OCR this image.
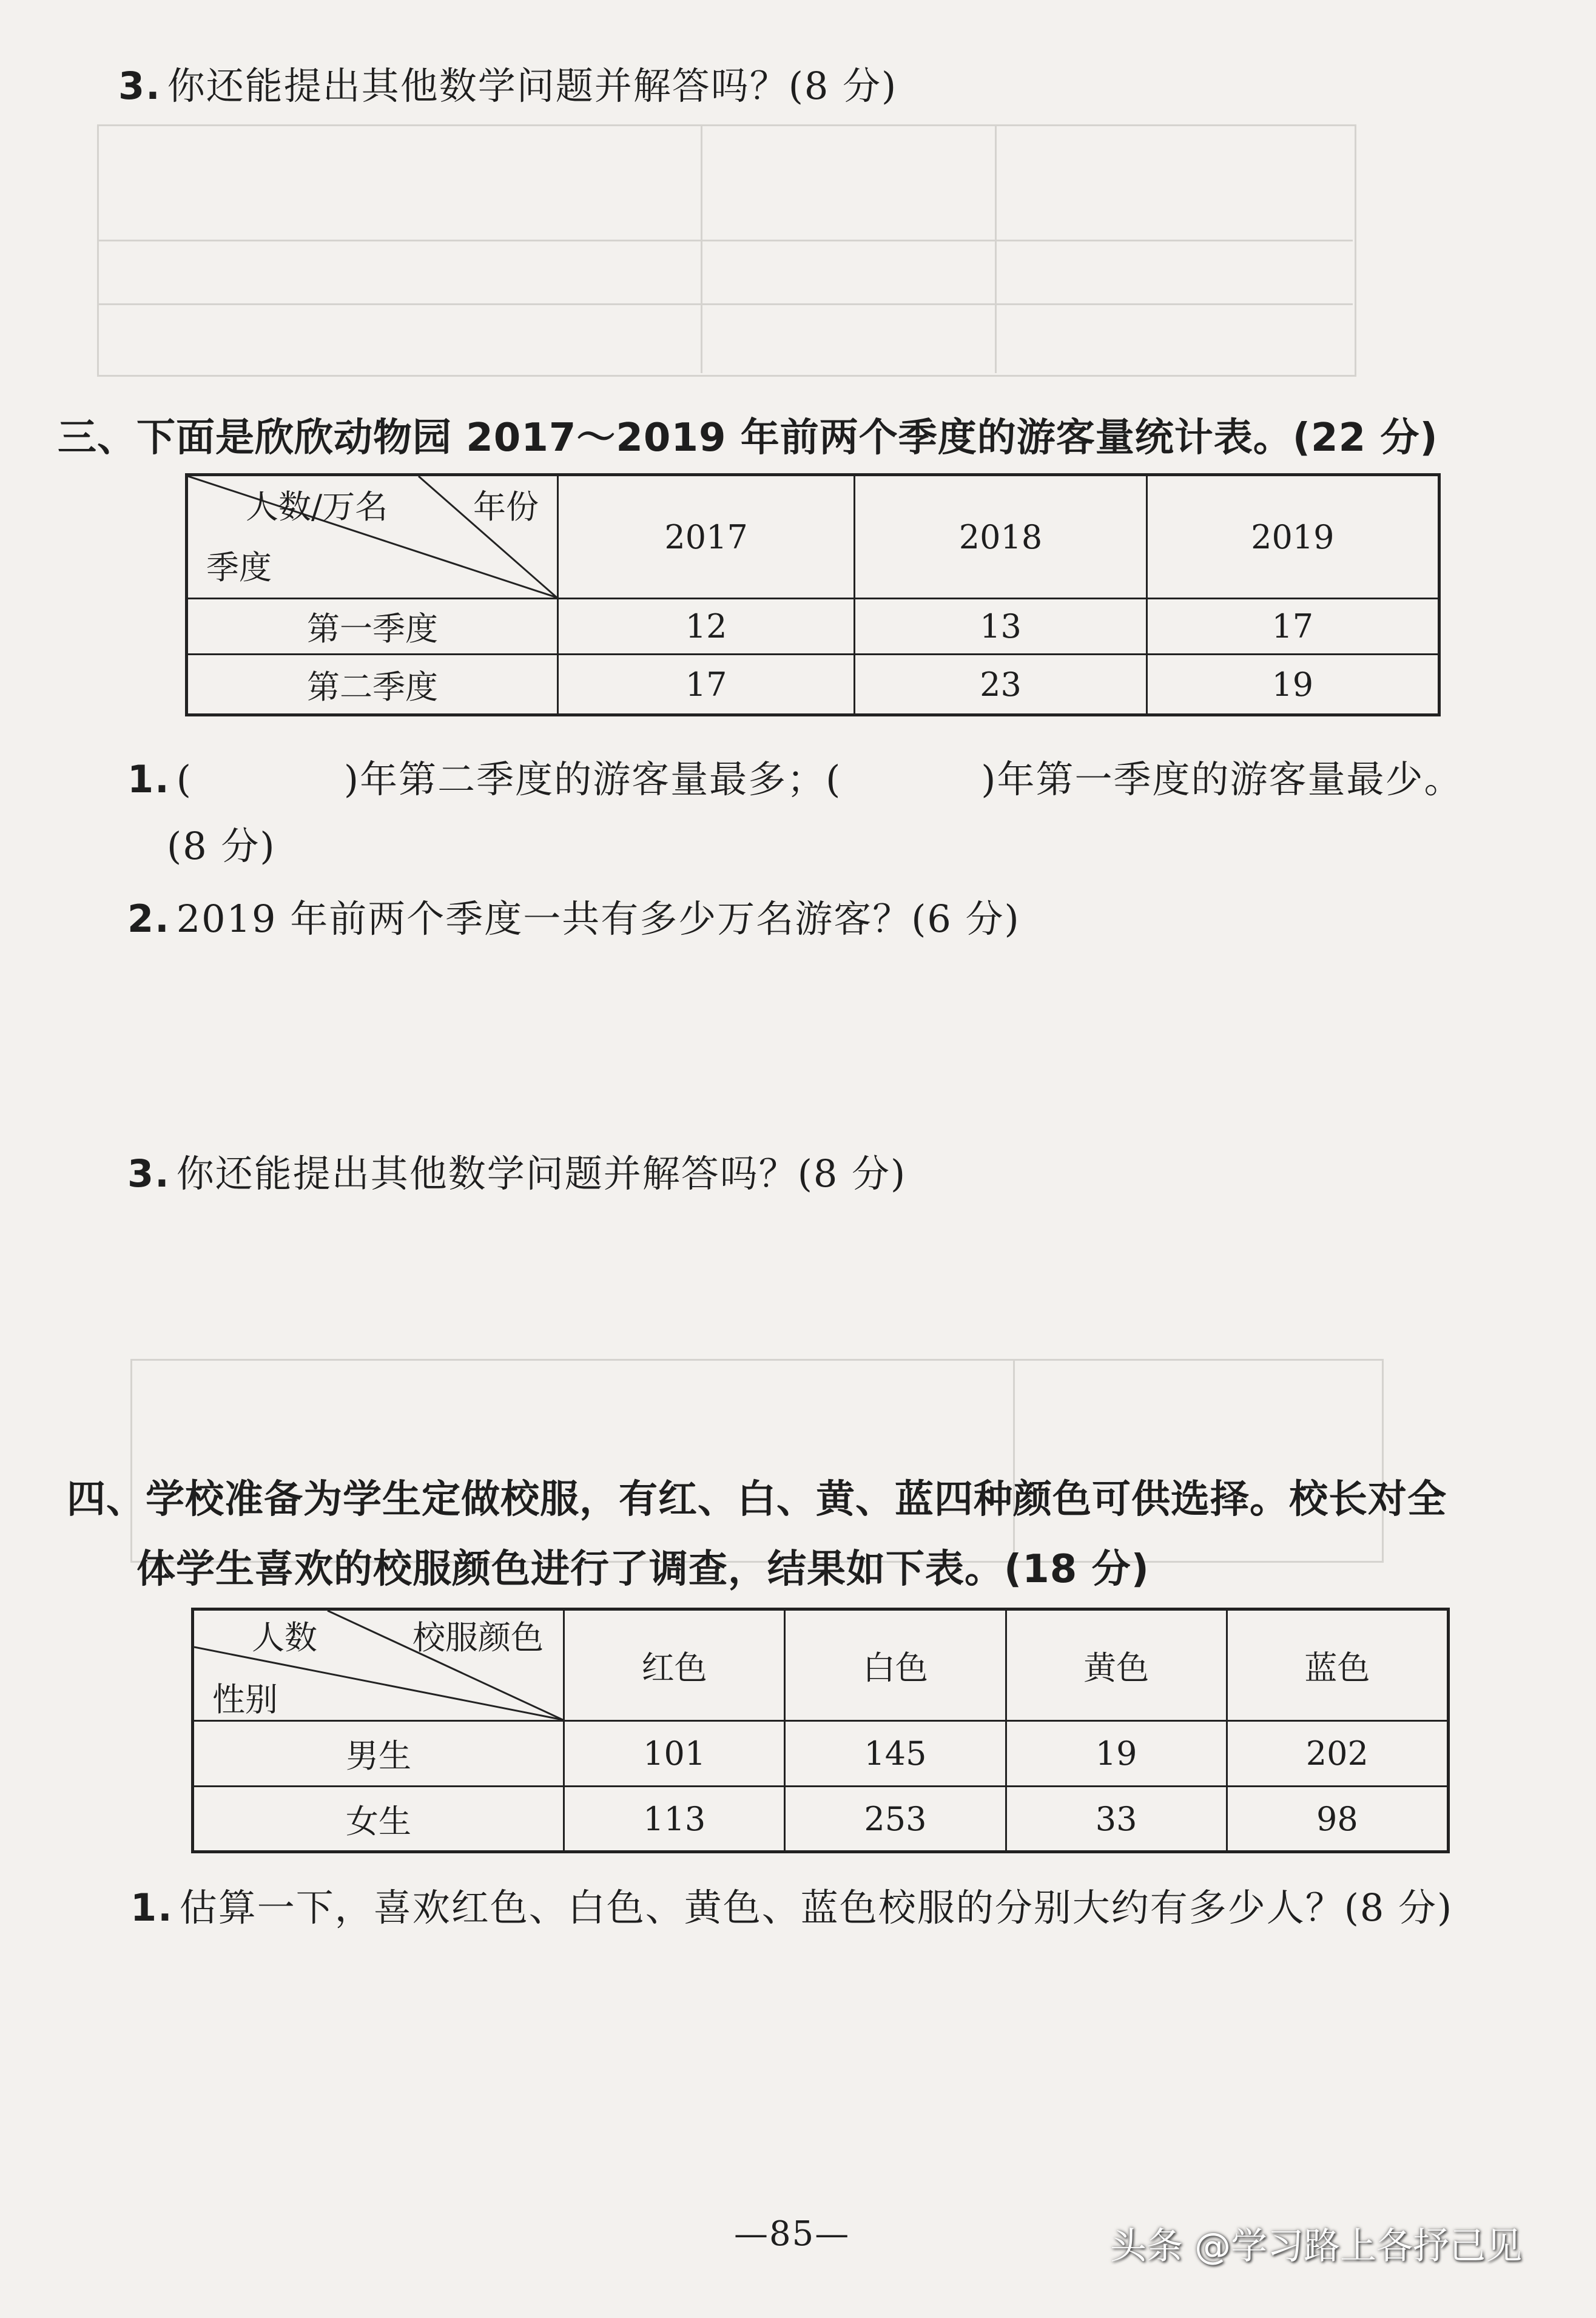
3. 你还能提出其他数学问题并解答吗？(8 分)
三、下面是欣欣动物园 2017～2019 年前两个季度的游客量统计表。(22 分)
人数/万名 年份
季度	2017	2018	2019
第一季度	12	13	17
第二季度	17	23	19
1. (	)年第二季度的游客量最多；(	)年第一季度的游客量最少。
(8 分)
2. 2019 年前两个季度一共有多少万名游客？(6 分)
3. 你还能提出其他数学问题并解答吗？(8 分)
四、学校准备为学生定做校服，有红、白、黄、蓝四种颜色可供选择。校长对全
体学生喜欢的校服颜色进行了调查，结果如下表。(18 分)
人数 校服颜色
性别	红色	白色	黄色	蓝色
男生	101	145	19	202
女生	113	253	33	98
1. 估算一下，喜欢红色、白色、黄色、蓝色校服的分别大约有多少人？(8 分)
—85—	头条 @学习路上各抒己见
